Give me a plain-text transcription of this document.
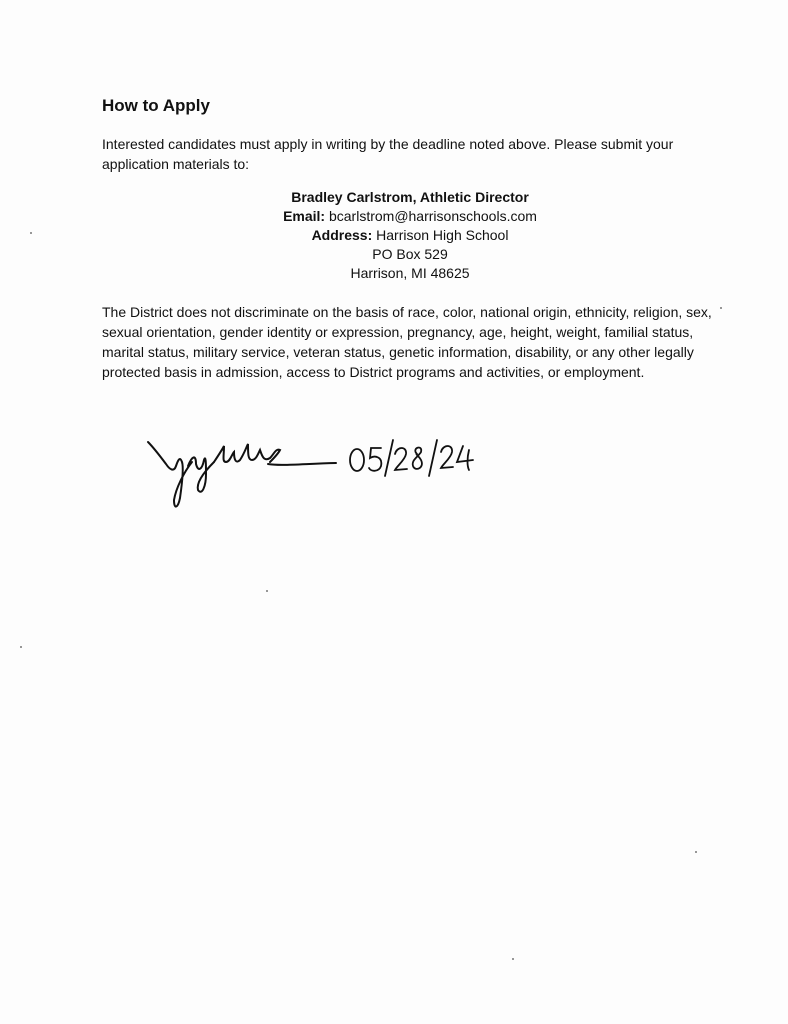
How to Apply

Interested candidates must apply in writing by the deadline noted above. Please submit your application materials to:

Bradley Carlstrom, Athletic Director
Email: bcarlstrom@harrisonschools.com
Address: Harrison High School
PO Box 529
Harrison, MI 48625

The District does not discriminate on the basis of race, color, national origin, ethnicity, religion, sex, sexual orientation, gender identity or expression, pregnancy, age, height, weight, familial status, marital status, military service, veteran status, genetic information, disability, or any other legally protected basis in admission, access to District programs and activities, or employment.
